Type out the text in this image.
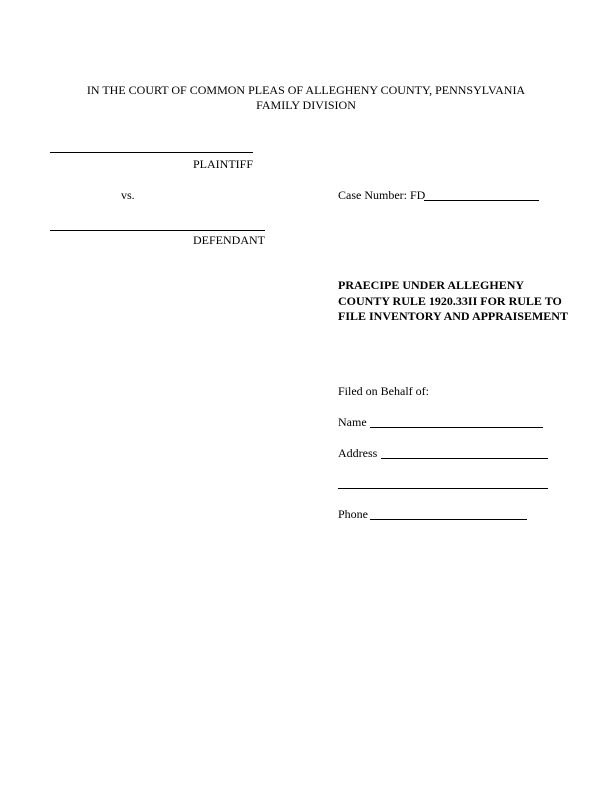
IN THE COURT OF COMMON PLEAS OF ALLEGHENY COUNTY, PENNSYLVANIA
FAMILY DIVISION
PLAINTIFF
vs.	Case Number: FD
DEFENDANT
PRAECIPE UNDER ALLEGHENY COUNTY RULE 1920.33II FOR RULE TO FILE INVENTORY AND APPRAISEMENT
Filed on Behalf of:
Name
Address
Phone
